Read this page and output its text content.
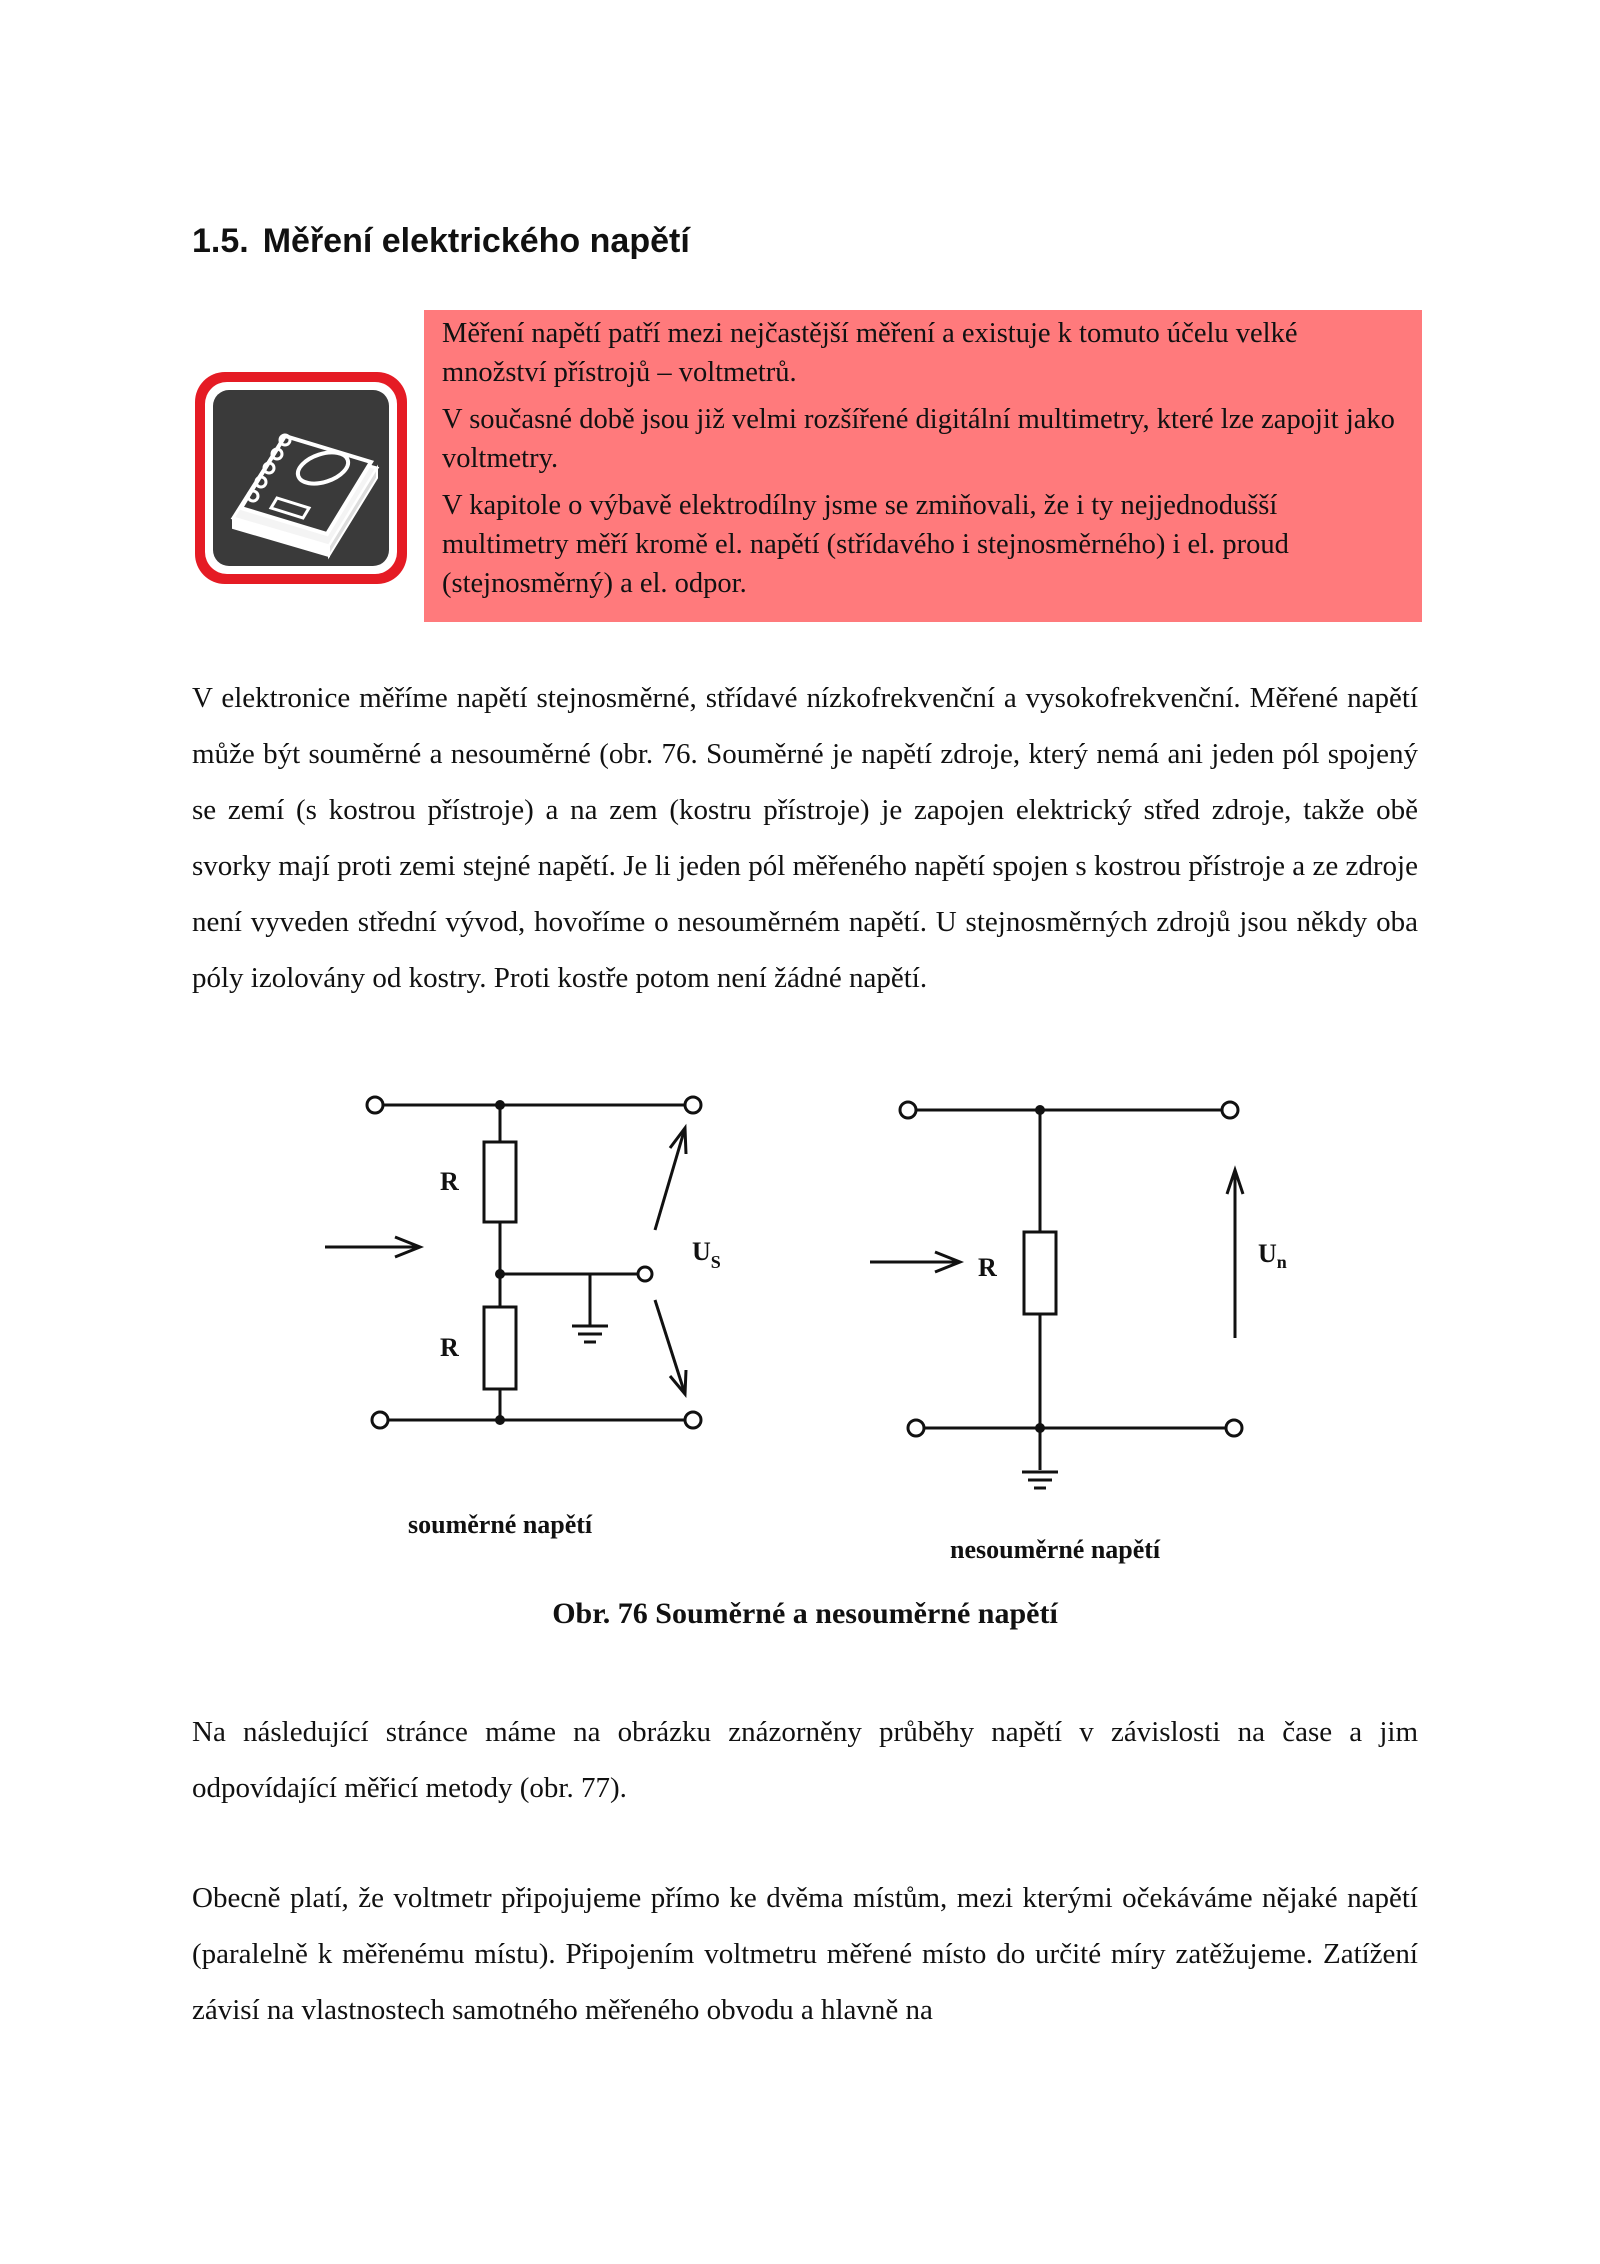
1.5. Měření elektrického napětí

Měření napětí patří mezi nejčastější měření a existuje k tomuto účelu velké množství přístrojů – voltmetrů.

V současné době jsou již velmi rozšířené digitální multimetry, které lze zapojit jako voltmetry.

V kapitole o výbavě elektrodílny jsme se zmiňovali, že i ty nejjednodušší multimetry měří kromě el. napětí (střídavého i stejnosměrného) i el. proud (stejnosměrný) a el. odpor.

V elektronice měříme napětí stejnosměrné, střídavé nízkofrekvenční a vysokofrekvenční. Měřené napětí může být souměrné a nesouměrné (obr. 76. Souměrné je napětí zdroje, který nemá ani jeden pól spojený se zemí (s kostrou přístroje) a na zem (kostru přístroje) je zapojen elektrický střed zdroje, takže obě svorky mají proti zemi stejné napětí. Je li jeden pól měřeného napětí spojen s kostrou přístroje a ze zdroje není vyveden střední vývod, hovoříme o nesouměrném napětí. U stejnosměrných zdrojů jsou někdy oba póly izolovány od kostry. Proti kostře potom není žádné napětí.

R
R
$U_S$
souměrné napětí
R	$U_n$
nesouměrné napětí

Obr. 76 Souměrné a nesouměrné napětí

Na následující stránce máme na obrázku znázorněny průběhy napětí v závislosti na čase a jim odpovídající měřicí metody (obr. 77).

Obecně platí, že voltmetr připojujeme přímo ke dvěma místům, mezi kterými očekáváme nějaké napětí (paralelně k měřenému místu). Připojením voltmetru měřené místo do určité míry zatěžujeme. Zatížení závisí na vlastnostech samotného měřeného obvodu a hlavně na
